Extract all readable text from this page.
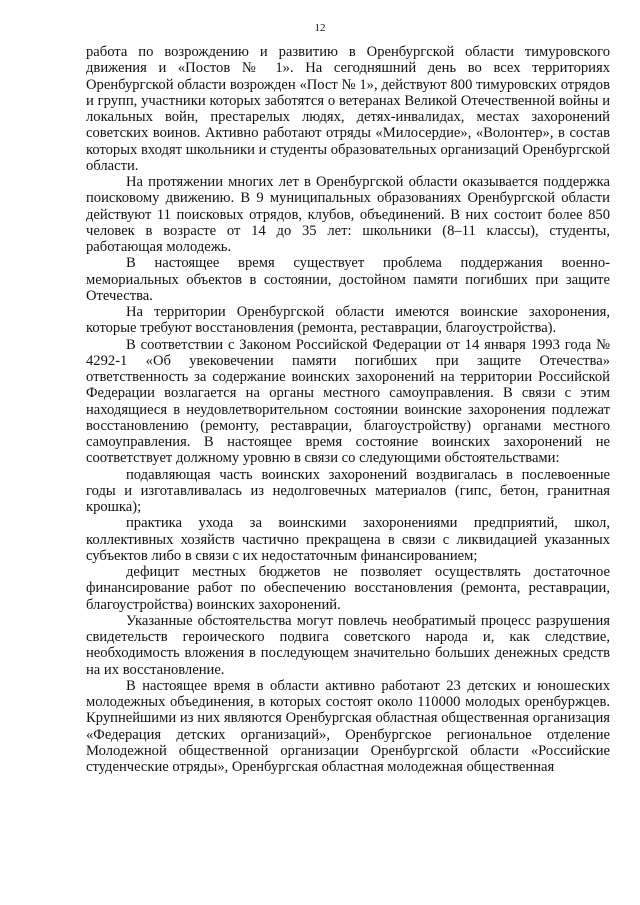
12

работа по возрождению и развитию в Оренбургской области тимуровского движения и «Постов № 1». На сегодняшний день во всех территориях Оренбургской области возрожден «Пост № 1», действуют 800 тимуровских отрядов и групп, участники которых заботятся о ветеранах Великой Отечественной войны и локальных войн, престарелых людях, детях-инвалидах, местах захоронений советских воинов. Активно работают отряды «Милосердие», «Волонтер», в состав которых входят школьники и студенты образовательных организаций Оренбургской области.

На протяжении многих лет в Оренбургской области оказывается поддержка поисковому движению. В 9 муниципальных образованиях Оренбургской области действуют 11 поисковых отрядов, клубов, объединений. В них состоит более 850 человек в возрасте от 14 до 35 лет: школьники (8–11 классы), студенты, работающая молодежь.

В настоящее время существует проблема поддержания военно-мемориальных объектов в состоянии, достойном памяти погибших при защите Отечества.

На территории Оренбургской области имеются воинские захоронения, которые требуют восстановления (ремонта, реставрации, благоустройства).

В соответствии с Законом Российской Федерации от 14 января 1993 года № 4292-1 «Об увековечении памяти погибших при защите Отечества» ответственность за содержание воинских захоронений на территории Российской Федерации возлагается на органы местного самоуправления. В связи с этим находящиеся в неудовлетворительном состоянии воинские захоронения подлежат восстановлению (ремонту, реставрации, благоустройству) органами местного самоуправления. В настоящее время состояние воинских захоронений не соответствует должному уровню в связи со следующими обстоятельствами:

подавляющая часть воинских захоронений воздвигалась в послевоенные годы и изготавливалась из недолговечных материалов (гипс, бетон, гранитная крошка);

практика ухода за воинскими захоронениями предприятий, школ, коллективных хозяйств частично прекращена в связи с ликвидацией указанных субъектов либо в связи с их недостаточным финансированием;

дефицит местных бюджетов не позволяет осуществлять достаточное финансирование работ по обеспечению восстановления (ремонта, реставрации, благоустройства) воинских захоронений.

Указанные обстоятельства могут повлечь необратимый процесс разрушения свидетельств героического подвига советского народа и, как следствие, необходимость вложения в последующем значительно больших денежных средств на их восстановление.

В настоящее время в области активно работают 23 детских и юношеских молодежных объединения, в которых состоят около 110000 молодых оренбуржцев. Крупнейшими из них являются Оренбургская областная общественная организация «Федерация детских организаций», Оренбургское региональное отделение Молодежной общественной организации Оренбургской области «Российские студенческие отряды», Оренбургская областная молодежная общественная
